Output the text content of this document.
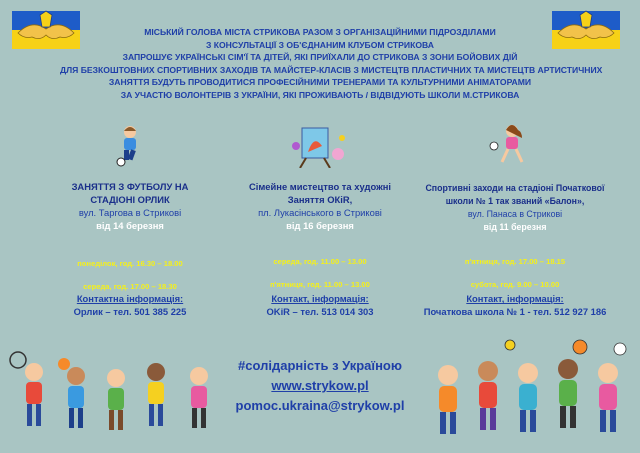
МІСЬКИЙ ГОЛОВА МІСТА СТРИКОВА РАЗОМ З ОРГАНІЗАЦІЙНИМИ ПІДРОЗДІЛАМИ
З КОНСУЛЬТАЦІЇ З ОБ'ЄДНАНИМ КЛУБОМ СТРИКОВА
ЗАПРОШУЄ УКРАЇНСЬКІ СІМ'Ї ТА ДІТЕЙ, ЯКІ ПРИЇХАЛИ ДО СТРИКОВА З ЗОНИ БОЙОВИХ ДІЙ
ДЛЯ БЕЗКОШТОВНИХ СПОРТИВНИХ ЗАХОДІВ ТА МАЙСТЕР-КЛАСІВ З МИСТЕЦТВ ПЛАСТИЧНИХ ТА МИСТЕЦТВ АРТИСТИЧНИХ
ЗАНЯТТЯ БУДУТЬ ПРОВОДИТИСЯ ПРОФЕСІЙНИМИ ТРЕНЕРАМИ ТА КУЛЬТУРНИМИ АНІМАТОРАМИ
ЗА УЧАСТЮ ВОЛОНТЕРІВ З УКРАЇНИ, ЯКІ ПРОЖИВАЮТЬ / ВІДВІДУЮТЬ ШКОЛИ М.СТРИКОВА
ЗАНЯТТЯ З ФУТБОЛУ НА
СТАДІОНІ ОРЛИК
вул. Таргова в Стрикові
від 14 березня
понеділок, год. 16.30 – 18.00
середа, год. 17.00 – 18.30
Контактна інформація:
Орлик – тел. 501 385 225
Сімейне мистецтво та художні
Заняття ОКіR,
пл. Лукасінського в Стрикові
від 16 березня
середа, год. 11.00 – 13.00
п'ятниця, год. 11.00 – 13.00
Контакт, інформація:
OKiR – тел. 513 014 303
Спортивні заходи на стадіоні Початкової
школи № 1 так званий «Балон»,
вул. Панаса в Стрикові
від 11 березня
п'ятниця, год. 17.00 – 18.15
субота, год. 9.00 – 10.00
Контакт, інформація:
Початкова школа № 1 - тел. 512 927 186
#солідарність з Україною
www.strykow.pl
pomoc.ukraina@strykow.pl
